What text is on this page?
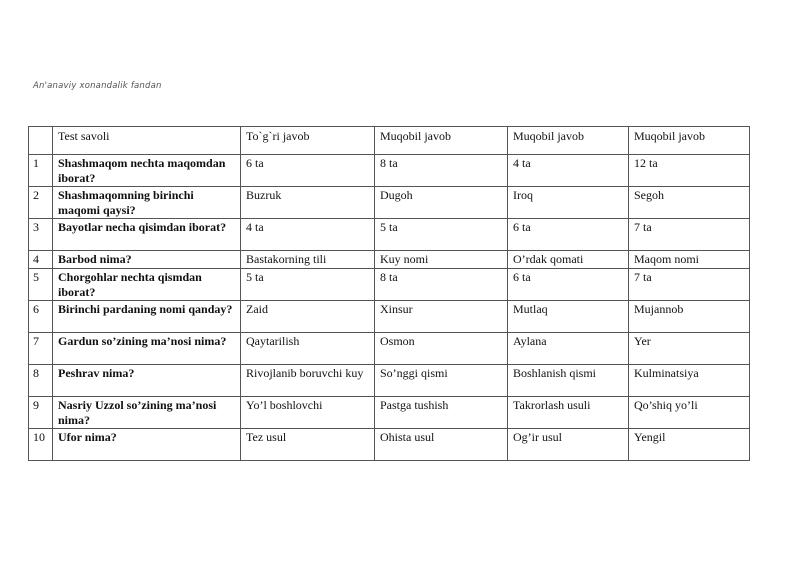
An'anaviy xonandalik fandan
	Test savoli	To`g`ri javob	Muqobil javob	Muqobil javob	Muqobil javob
1	Shashmaqom nechta maqomdan iborat?	6 ta	8 ta	4 ta	12 ta
2	Shashmaqomning birinchi maqomi qaysi?	Buzruk	Dugoh	Iroq	Segoh
3	Bayotlar necha qisimdan iborat?	4 ta	5 ta	6 ta	7 ta
4	Barbod nima?	Bastakorning tili	Kuy nomi	O’rdak qomati	Maqom nomi
5	Chorgohlar nechta qismdan iborat?	5 ta	8 ta	6 ta	7 ta
6	Birinchi pardaning nomi qanday?	Zaid	Xinsur	Mutlaq	Mujannob
7	Gardun so’zining ma’nosi nima?	Qaytarilish	Osmon	Aylana	Yer
8	Peshrav nima?	Rivojlanib boruvchi kuy	So’nggi qismi	Boshlanish qismi	Kulminatsiya
9	Nasriy Uzzol so’zining ma’nosi nima?	Yo’l boshlovchi	Pastga tushish	Takrorlash usuli	Qo’shiq yo’li
10	Ufor nima?	Tez usul	Ohista usul	Og’ir usul	Yengil
